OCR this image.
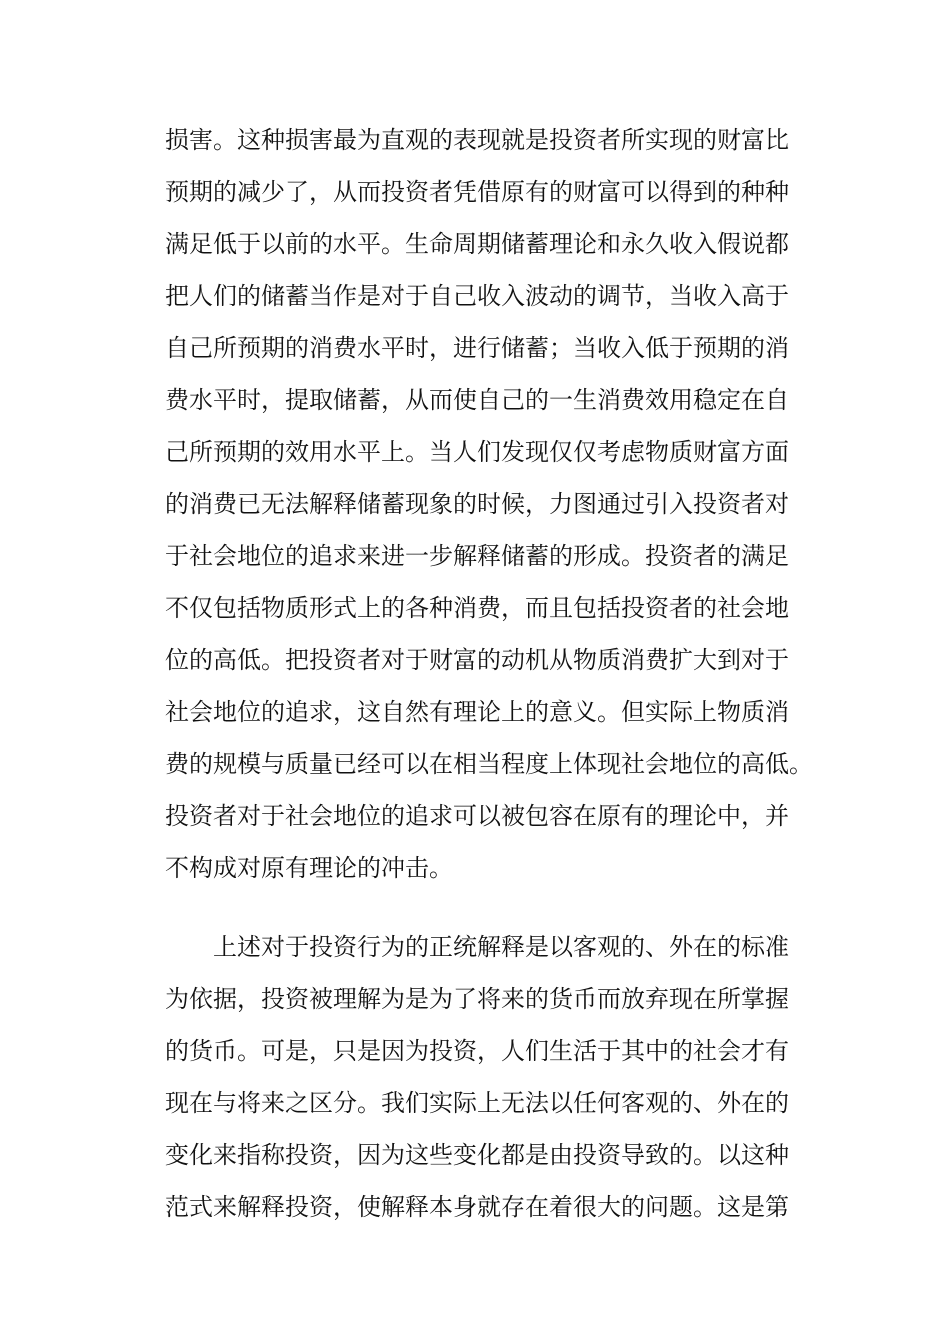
损害。这种损害最为直观的表现就是投资者所实现的财富比
预期的减少了，从而投资者凭借原有的财富可以得到的种种
满足低于以前的水平。生命周期储蓄理论和永久收入假说都
把人们的储蓄当作是对于自己收入波动的调节，当收入高于
自己所预期的消费水平时，进行储蓄；当收入低于预期的消
费水平时，提取储蓄，从而使自己的一生消费效用稳定在自
己所预期的效用水平上。当人们发现仅仅考虑物质财富方面
的消费已无法解释储蓄现象的时候，力图通过引入投资者对
于社会地位的追求来进一步解释储蓄的形成。投资者的满足
不仅包括物质形式上的各种消费，而且包括投资者的社会地
位的高低。把投资者对于财富的动机从物质消费扩大到对于
社会地位的追求，这自然有理论上的意义。但实际上物质消
费的规模与质量已经可以在相当程度上体现社会地位的高低。
投资者对于社会地位的追求可以被包容在原有的理论中，并
不构成对原有理论的冲击。

上述对于投资行为的正统解释是以客观的、外在的标准
为依据，投资被理解为是为了将来的货币而放弃现在所掌握
的货币。可是，只是因为投资，人们生活于其中的社会才有
现在与将来之区分。我们实际上无法以任何客观的、外在的
变化来指称投资，因为这些变化都是由投资导致的。以这种
范式来解释投资，使解释本身就存在着很大的问题。这是第
